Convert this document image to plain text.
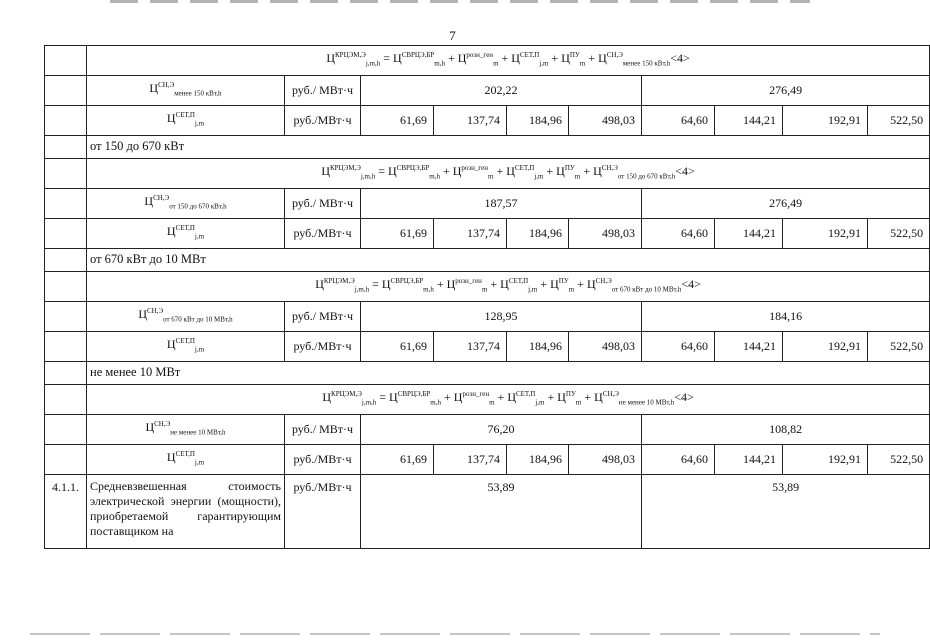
7
	$Ц^{КРЦЭМ,Э}_{j,m,h} = Ц^{СВРЦЭ,БР}_{m,h} + Ц^{розн\_ген}_m + Ц^{СЕТ,П}_{j,m} + Ц^{ПУ}_m + Ц^{СН,Э}_{менее 150 кВт,h}<4>$									
	$Ц^{СН,Э}_{менее 150 кВт,h}$	руб./ МВт·ч	202,22				276,49			
	$Ц^{СЕТ,П}_{j,m}$	руб./МВт·ч	61,69	137,74	184,96	498,03	64,60	144,21	192,91	522,50
	от 150 до 670 кВт									
	$Ц^{КРЦЭМ,Э}_{j,m,h} = Ц^{СВРЦЭ,БР}_{m,h} + Ц^{розн\_ген}_m + Ц^{СЕТ,П}_{j,m} + Ц^{ПУ}_m + Ц^{СН,Э}_{от 150 до 670 кВт,h}<4>$									
	$Ц^{СН,Э}_{от 150 до 670 кВт,h}$	руб./ МВт·ч	187,57				276,49			
	$Ц^{СЕТ,П}_{j,m}$	руб./МВт·ч	61,69	137,74	184,96	498,03	64,60	144,21	192,91	522,50
	от 670 кВт до 10 МВт									
	$Ц^{КРЦЭМ,Э}_{j,m,h} = Ц^{СВРЦЭ,БР}_{m,h} + Ц^{розн\_ген}_m + Ц^{СЕТ,П}_{j,m} + Ц^{ПУ}_m + Ц^{СН,Э}_{от 670 кВт до 10 МВт,h}<4>$									
	$Ц^{СН,Э}_{от 670 кВт до 10 МВт,h}$	руб./ МВт·ч	128,95				184,16			
	$Ц^{СЕТ,П}_{j,m}$	руб./МВт·ч	61,69	137,74	184,96	498,03	64,60	144,21	192,91	522,50
	не менее 10 МВт									
	$Ц^{КРЦЭМ,Э}_{j,m,h} = Ц^{СВРЦЭ,БР}_{m,h} + Ц^{розн\_ген}_m + Ц^{СЕТ,П}_{j,m} + Ц^{ПУ}_m + Ц^{СН,Э}_{не менее 10 МВт,h}<4>$									
	$Ц^{СН,Э}_{не менее 10 МВт,h}$	руб./ МВт·ч	76,20				108,82			
	$Ц^{СЕТ,П}_{j,m}$	руб./МВт·ч	61,69	137,74	184,96	498,03	64,60	144,21	192,91	522,50
4.1.1.	Средневзвешенная стоимость электрической энергии (мощности), приобретаемой гарантирующим поставщиком на	руб./МВт·ч	53,89				53,89			
